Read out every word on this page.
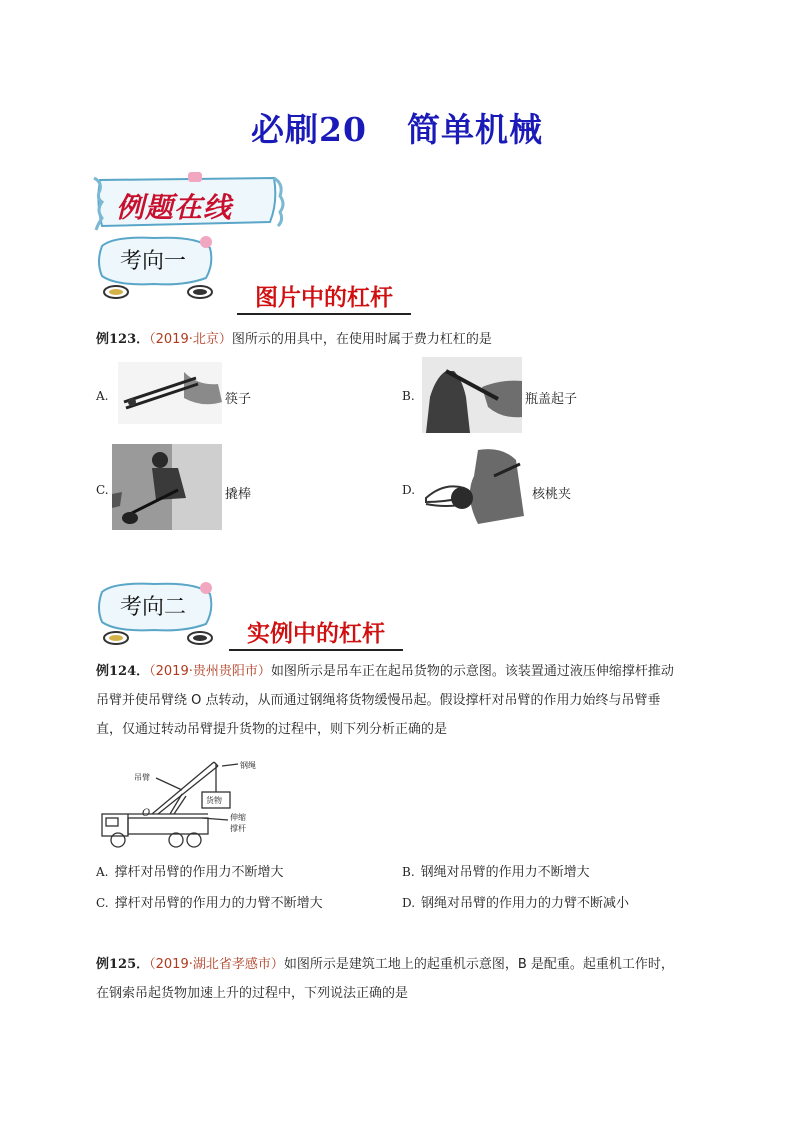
必刷20 简单机械
例题在线
考向一
图片中的杠杆
例123．（2019·北京）图所示的用具中，在使用时属于费力杠杠的是
A.	筷子	B.	瓶盖起子
C.	撬棒	D.	核桃夹
考向二
实例中的杠杆
例124．（2019·贵州贵阳市）如图所示是吊车正在起吊货物的示意图。该装置通过液压伸缩撑杆推动
吊臂并使吊臂绕 O 点转动，从而通过钢绳将货物缓慢吊起。假设撑杆对吊臂的作用力始终与吊臂垂
直，仅通过转动吊臂提升货物的过程中，则下列分析正确的是
吊臂
钢绳
货物
O	伸缩
撑杆
A. 撑杆对吊臂的作用力不断增大	B. 钢绳对吊臂的作用力不断增大
C. 撑杆对吊臂的作用力的力臂不断增大	D. 钢绳对吊臂的作用力的力臂不断减小
例125．（2019·湖北省孝感市）如图所示是建筑工地上的起重机示意图，B 是配重。起重机工作时，
在钢索吊起货物加速上升的过程中，下列说法正确的是
